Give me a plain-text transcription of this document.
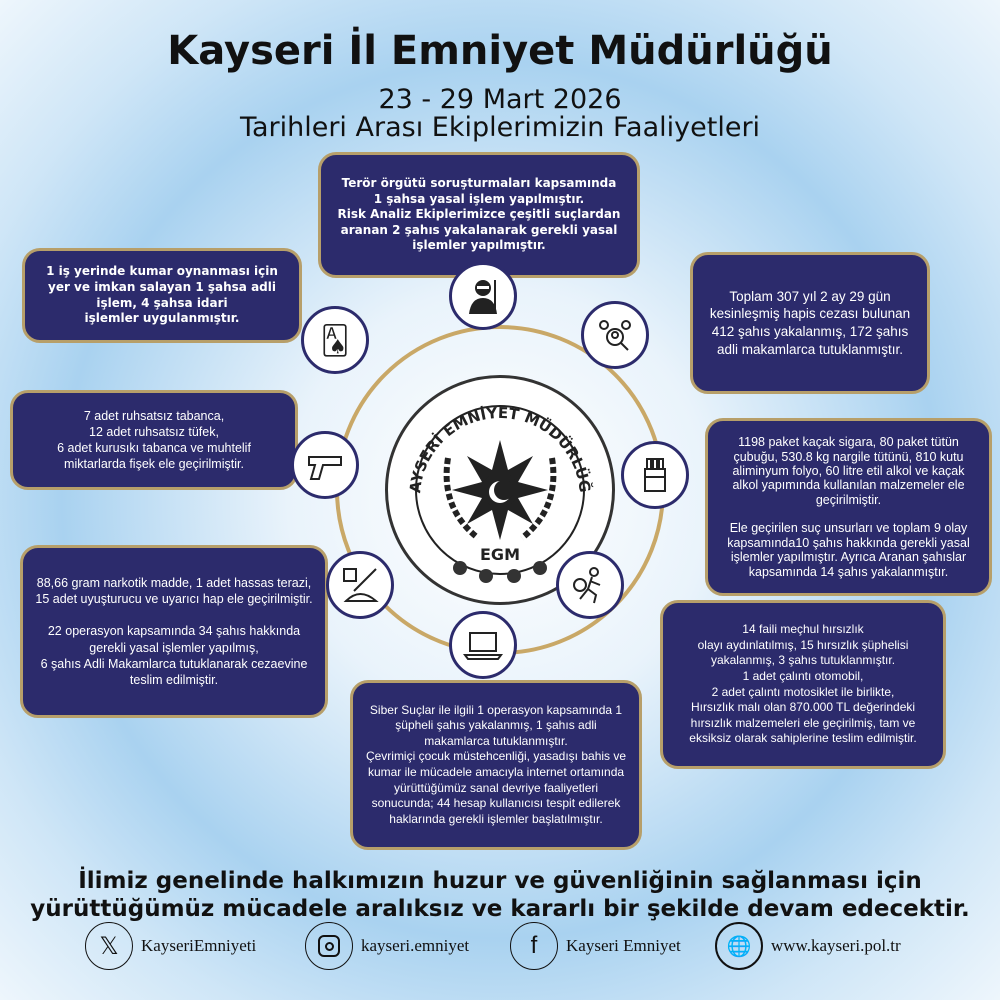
Kayseri İl Emniyet Müdürlüğü
23 - 29 Mart 2026
Tarihleri Arası Ekiplerimizin Faaliyetleri
AYSERİ EMNİYET MÜDÜRLÜĞ
EGM
Terör örgütü soruşturmaları kapsamında
1 şahsa yasal işlem yapılmıştır.
Risk Analiz Ekiplerimizce çeşitli suçlardan aranan 2 şahıs yakalanarak gerekli yasal işlemler yapılmıştır.
1 iş yerinde kumar oynanması için yer ve imkan salayan 1 şahsa adli işlem, 4 şahsa idari
işlemler uygulanmıştır.
Toplam 307 yıl 2 ay 29 gün kesinleşmiş hapis cezası bulunan 412 şahıs yakalanmış, 172 şahıs adli makamlarca tutuklanmıştır.
7 adet ruhsatsız tabanca,
12 adet ruhsatsız tüfek,
6 adet kurusıkı tabanca ve muhtelif miktarlarda fişek ele geçirilmiştir.
1198 paket kaçak sigara, 80 paket tütün çubuğu, 530.8 kg nargile tütünü, 810 kutu aliminyum folyo, 60 litre etil alkol ve kaçak alkol yapımında kullanılan malzemeler ele geçirilmiştir.

Ele geçirilen suç unsurları ve toplam 9 olay kapsamında10 şahıs hakkında gerekli yasal işlemler yapılmıştır. Ayrıca Aranan şahıslar kapsamında 14 şahıs yakalanmıştır.
88,66 gram narkotik madde, 1 adet hassas terazi, 15 adet uyuşturucu ve uyarıcı hap ele geçirilmiştir.

22 operasyon kapsamında 34 şahıs hakkında gerekli yasal işlemler yapılmış,
6 şahıs Adli Makamlarca tutuklanarak cezaevine teslim edilmiştir.
14 faili meçhul hırsızlık
olayı aydınlatılmış, 15 hırsızlık şüphelisi yakalanmış, 3 şahıs tutuklanmıştır.
1 adet çalıntı otomobil,
2 adet çalıntı motosiklet ile birlikte,
Hırsızlık malı olan 870.000 TL değerindeki hırsızlık malzemeleri ele geçirilmiş, tam ve eksiksiz olarak sahiplerine teslim edilmiştir.
Siber Suçlar ile ilgili 1 operasyon kapsamında 1 şüpheli şahıs yakalanmış, 1 şahıs adli makamlarca tutuklanmıştır.
Çevrimiçi çocuk müstehcenliği, yasadışı bahis ve kumar ile mücadele amacıyla internet ortamında yürüttüğümüz sanal devriye faaliyetleri sonucunda; 44 hesap kullanıcısı tespit edilerek haklarında gerekli işlemler başlatılmıştır.
🂡
İlimiz genelinde halkımızın huzur ve güvenliğinin sağlanması için
yürüttüğümüz mücadele aralıksız ve kararlı bir şekilde devam edecektir.
𝕏	KayseriEmniyeti	kayseri.emniyet	f	Kayseri Emniyet	🌐	www.kayseri.pol.tr
